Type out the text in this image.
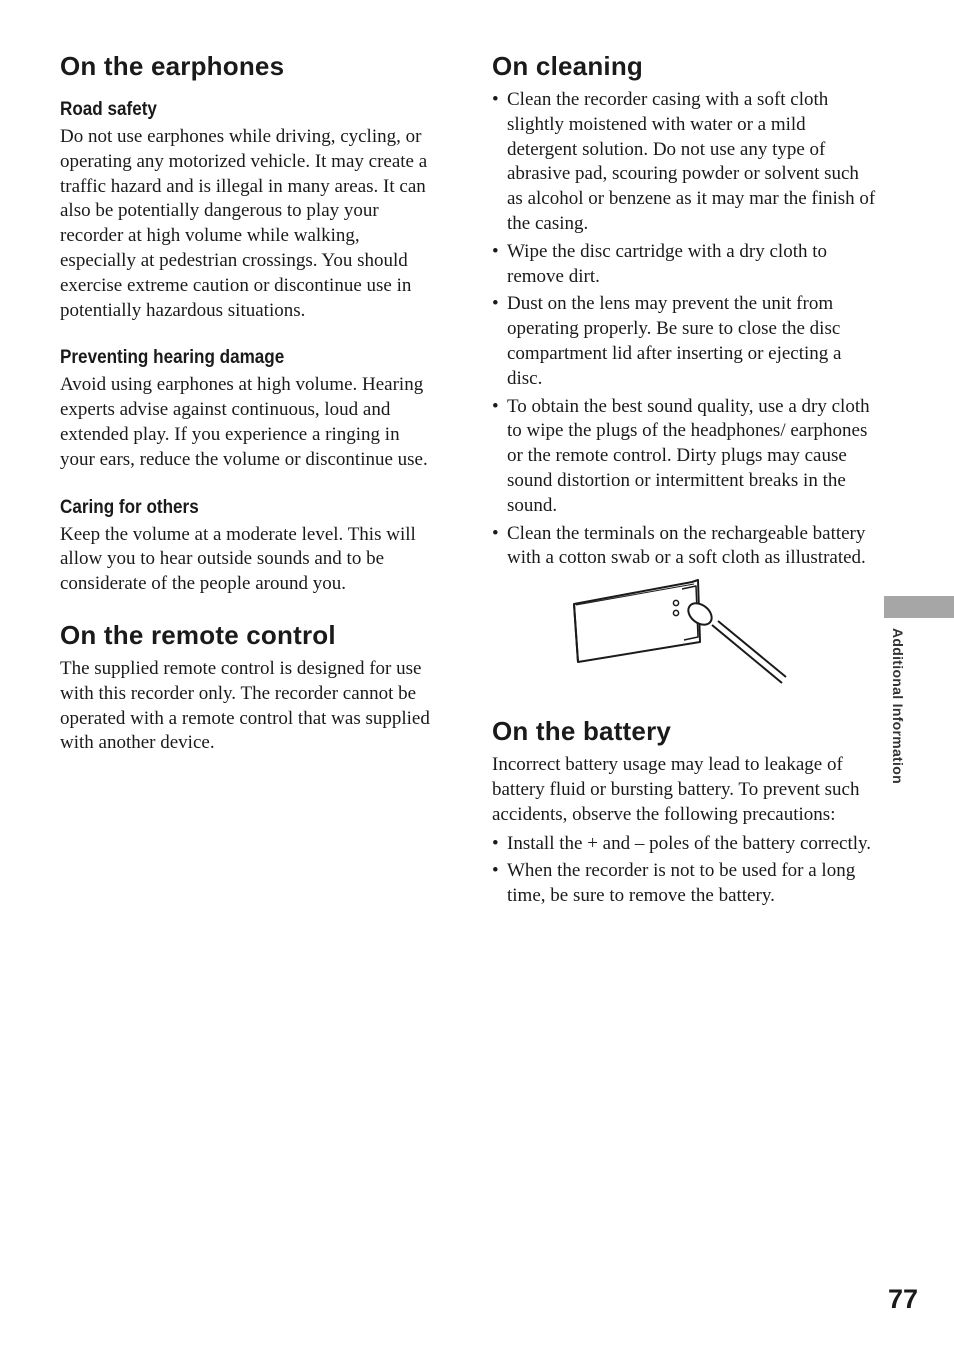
On the earphones
Road safety

Do not use earphones while driving, cycling, or operating any motorized vehicle. It may create a traffic hazard and is illegal in many areas. It can also be potentially dangerous to play your recorder at high volume while walking, especially at pedestrian crossings. You should exercise extreme caution or discontinue use in potentially hazardous situations.

Preventing hearing damage

Avoid using earphones at high volume. Hearing experts advise against continuous, loud and extended play. If you experience a ringing in your ears, reduce the volume or discontinue use.

Caring for others

Keep the volume at a moderate level. This will allow you to hear outside sounds and to be considerate of the people around you.

On the remote control

The supplied remote control is designed for use with this recorder only. The recorder cannot be operated with a remote control that was supplied with another device.

On cleaning
• Clean the recorder casing with a soft cloth slightly moistened with water or a mild detergent solution. Do not use any type of abrasive pad, scouring powder or solvent such as alcohol or benzene as it may mar the finish of the casing.
• Wipe the disc cartridge with a dry cloth to remove dirt.
• Dust on the lens may prevent the unit from operating properly. Be sure to close the disc compartment lid after inserting or ejecting a disc.
• To obtain the best sound quality, use a dry cloth to wipe the plugs of the headphones/ earphones or the remote control. Dirty plugs may cause sound distortion or intermittent breaks in the sound.
• Clean the terminals on the rechargeable battery with a cotton swab or a soft cloth as illustrated.
On the battery

Incorrect battery usage may lead to leakage of battery fluid or bursting battery. To prevent such accidents, observe the following precautions:

• Install the + and – poles of the battery correctly.
• When the recorder is not to be used for a long time, be sure to remove the battery.
Additional Information
77
